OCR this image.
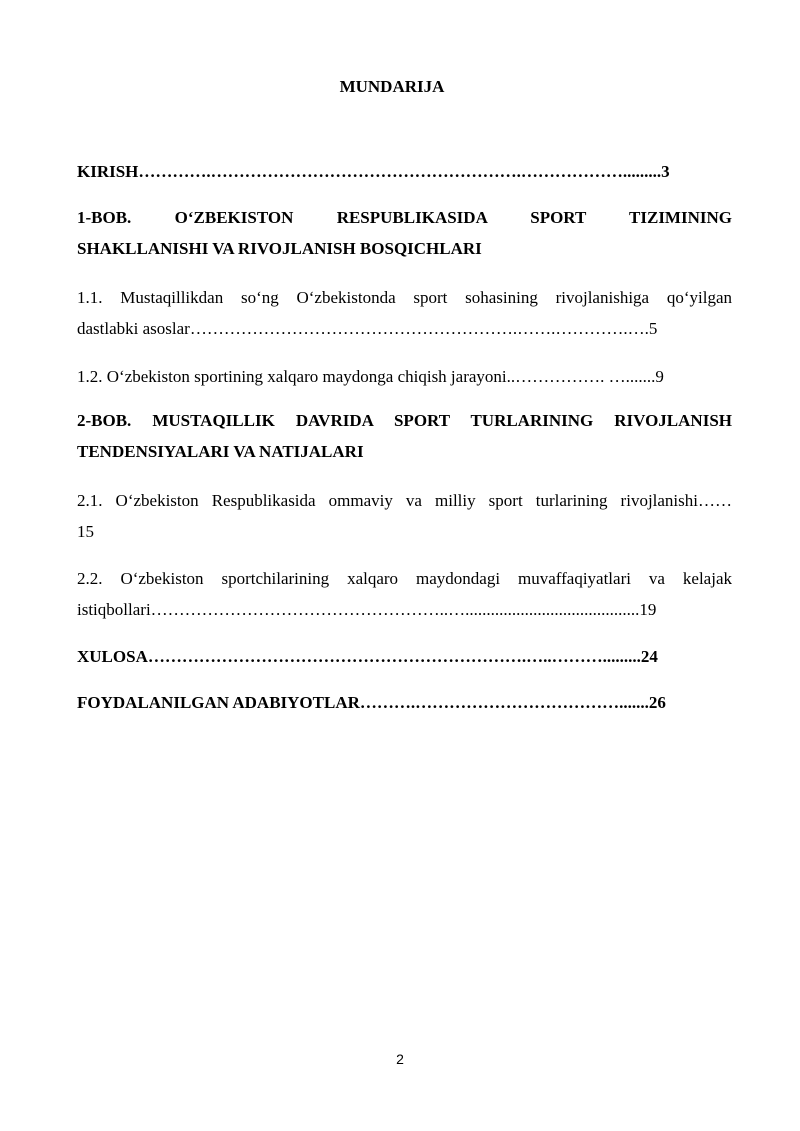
MUNDARIJA
KIRISH………….……………………………………………….……………….........3
1-BOB. O‘ZBEKISTON RESPUBLIKASIDA SPORT TIZIMINING
SHAKLLANISHI VA RIVOJLANISH BOSQICHLARI
1.1. Mustaqillikdan so‘ng O‘zbekistonda sport sohasining rivojlanishiga qo‘yilgan
dastlabki asoslar………………………………………………….…….………….….5
1.2. O‘zbekiston sportining xalqaro maydonga chiqish jarayoni..……………. ….......9
2-BOB. MUSTAQILLIK DAVRIDA SPORT TURLARINING RIVOJLANISH
TENDENSIYALARI VA NATIJALARI
2.1. O‘zbekiston Respublikasida ommaviy va milliy sport turlarining rivojlanishi……
15
2.2. O‘zbekiston sportchilarining xalqaro maydondagi muvaffaqiyatlari va kelajak
istiqbollari……………………………………………..….........................................19
XULOSA………………………………………………………….…..……….........24
FOYDALANILGAN ADABIYOTLAR……….……………………………….......26
2
